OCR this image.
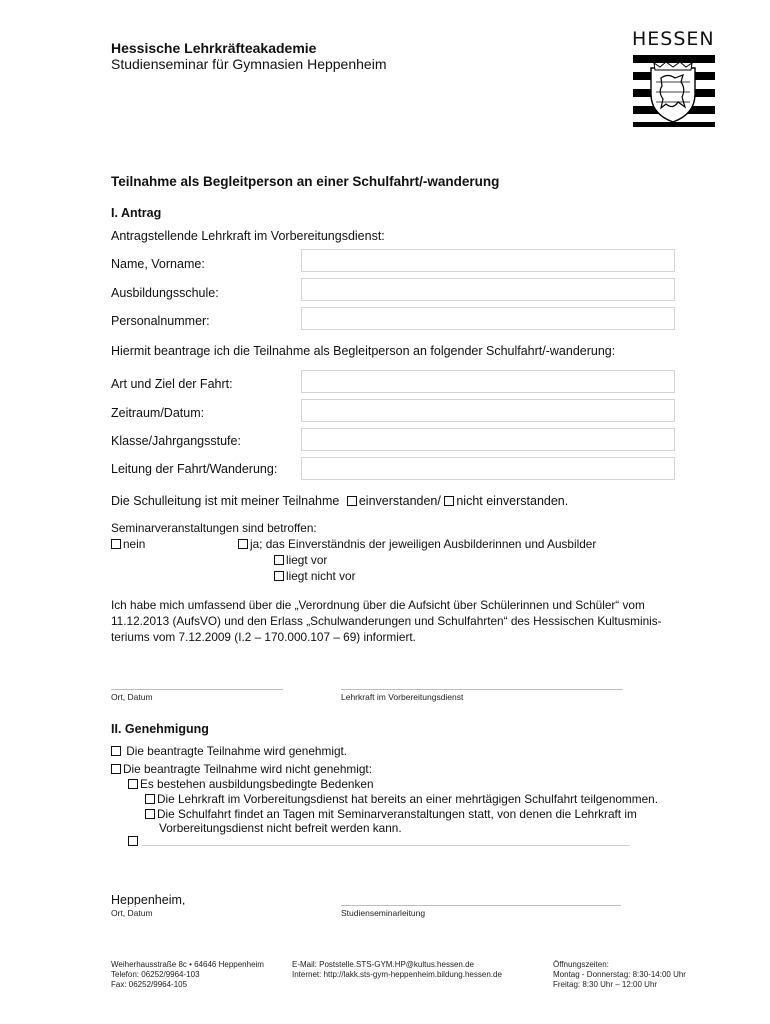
Hessische Lehrkräfteakademie
Studienseminar für Gymnasien Heppenheim
HESSEN
Teilnahme als Begleitperson an einer Schulfahrt/-wanderung
I. Antrag
Antragstellende Lehrkraft im Vorbereitungsdienst:
Name, Vorname:
Ausbildungsschule:
Personalnummer:
Hiermit beantrage ich die Teilnahme als Begleitperson an folgender Schulfahrt/-wanderung:
Art und Ziel der Fahrt:
Zeitraum/Datum:
Klasse/Jahrgangsstufe:
Leitung der Fahrt/Wanderung:
Die Schulleitung ist mit meiner Teilnahme einverstanden/ nicht einverstanden.
Seminarveranstaltungen sind betroffen:
nein	ja; das Einverständnis der jeweiligen Ausbilderinnen und Ausbilder
liegt vor
liegt nicht vor
Ich habe mich umfassend über die „Verordnung über die Aufsicht über Schülerinnen und Schüler“ vom
11.12.2013 (AufsVO) und den Erlass „Schulwanderungen und Schulfahrten“ des Hessischen Kultusminis-
teriums vom 7.12.2009 (I.2 – 170.000.107 – 69) informiert.
Ort, Datum	Lehrkraft im Vorbereitungsdienst
II. Genehmigung
Die beantragte Teilnahme wird genehmigt.
Die beantragte Teilnahme wird nicht genehmigt:
Es bestehen ausbildungsbedingte Bedenken
Die Lehrkraft im Vorbereitungsdienst hat bereits an einer mehrtägigen Schulfahrt teilgenommen.
Die Schulfahrt findet an Tagen mit Seminarveranstaltungen statt, von denen die Lehrkraft im
Vorbereitungsdienst nicht befreit werden kann.
Heppenheim,
Ort, Datum	Studienseminarleitung
Weiherhausstraße 8c • 64646 Heppenheim
Telefon: 06252/9964-103
Fax: 06252/9964-105
E-Mail: Poststelle.STS-GYM.HP@kultus.hessen.de
Internet: http://lakk.sts-gym-heppenheim.bildung.hessen.de
Öffnungszeiten:
Montag - Donnerstag: 8:30-14:00 Uhr
Freitag: 8:30 Uhr – 12:00 Uhr
